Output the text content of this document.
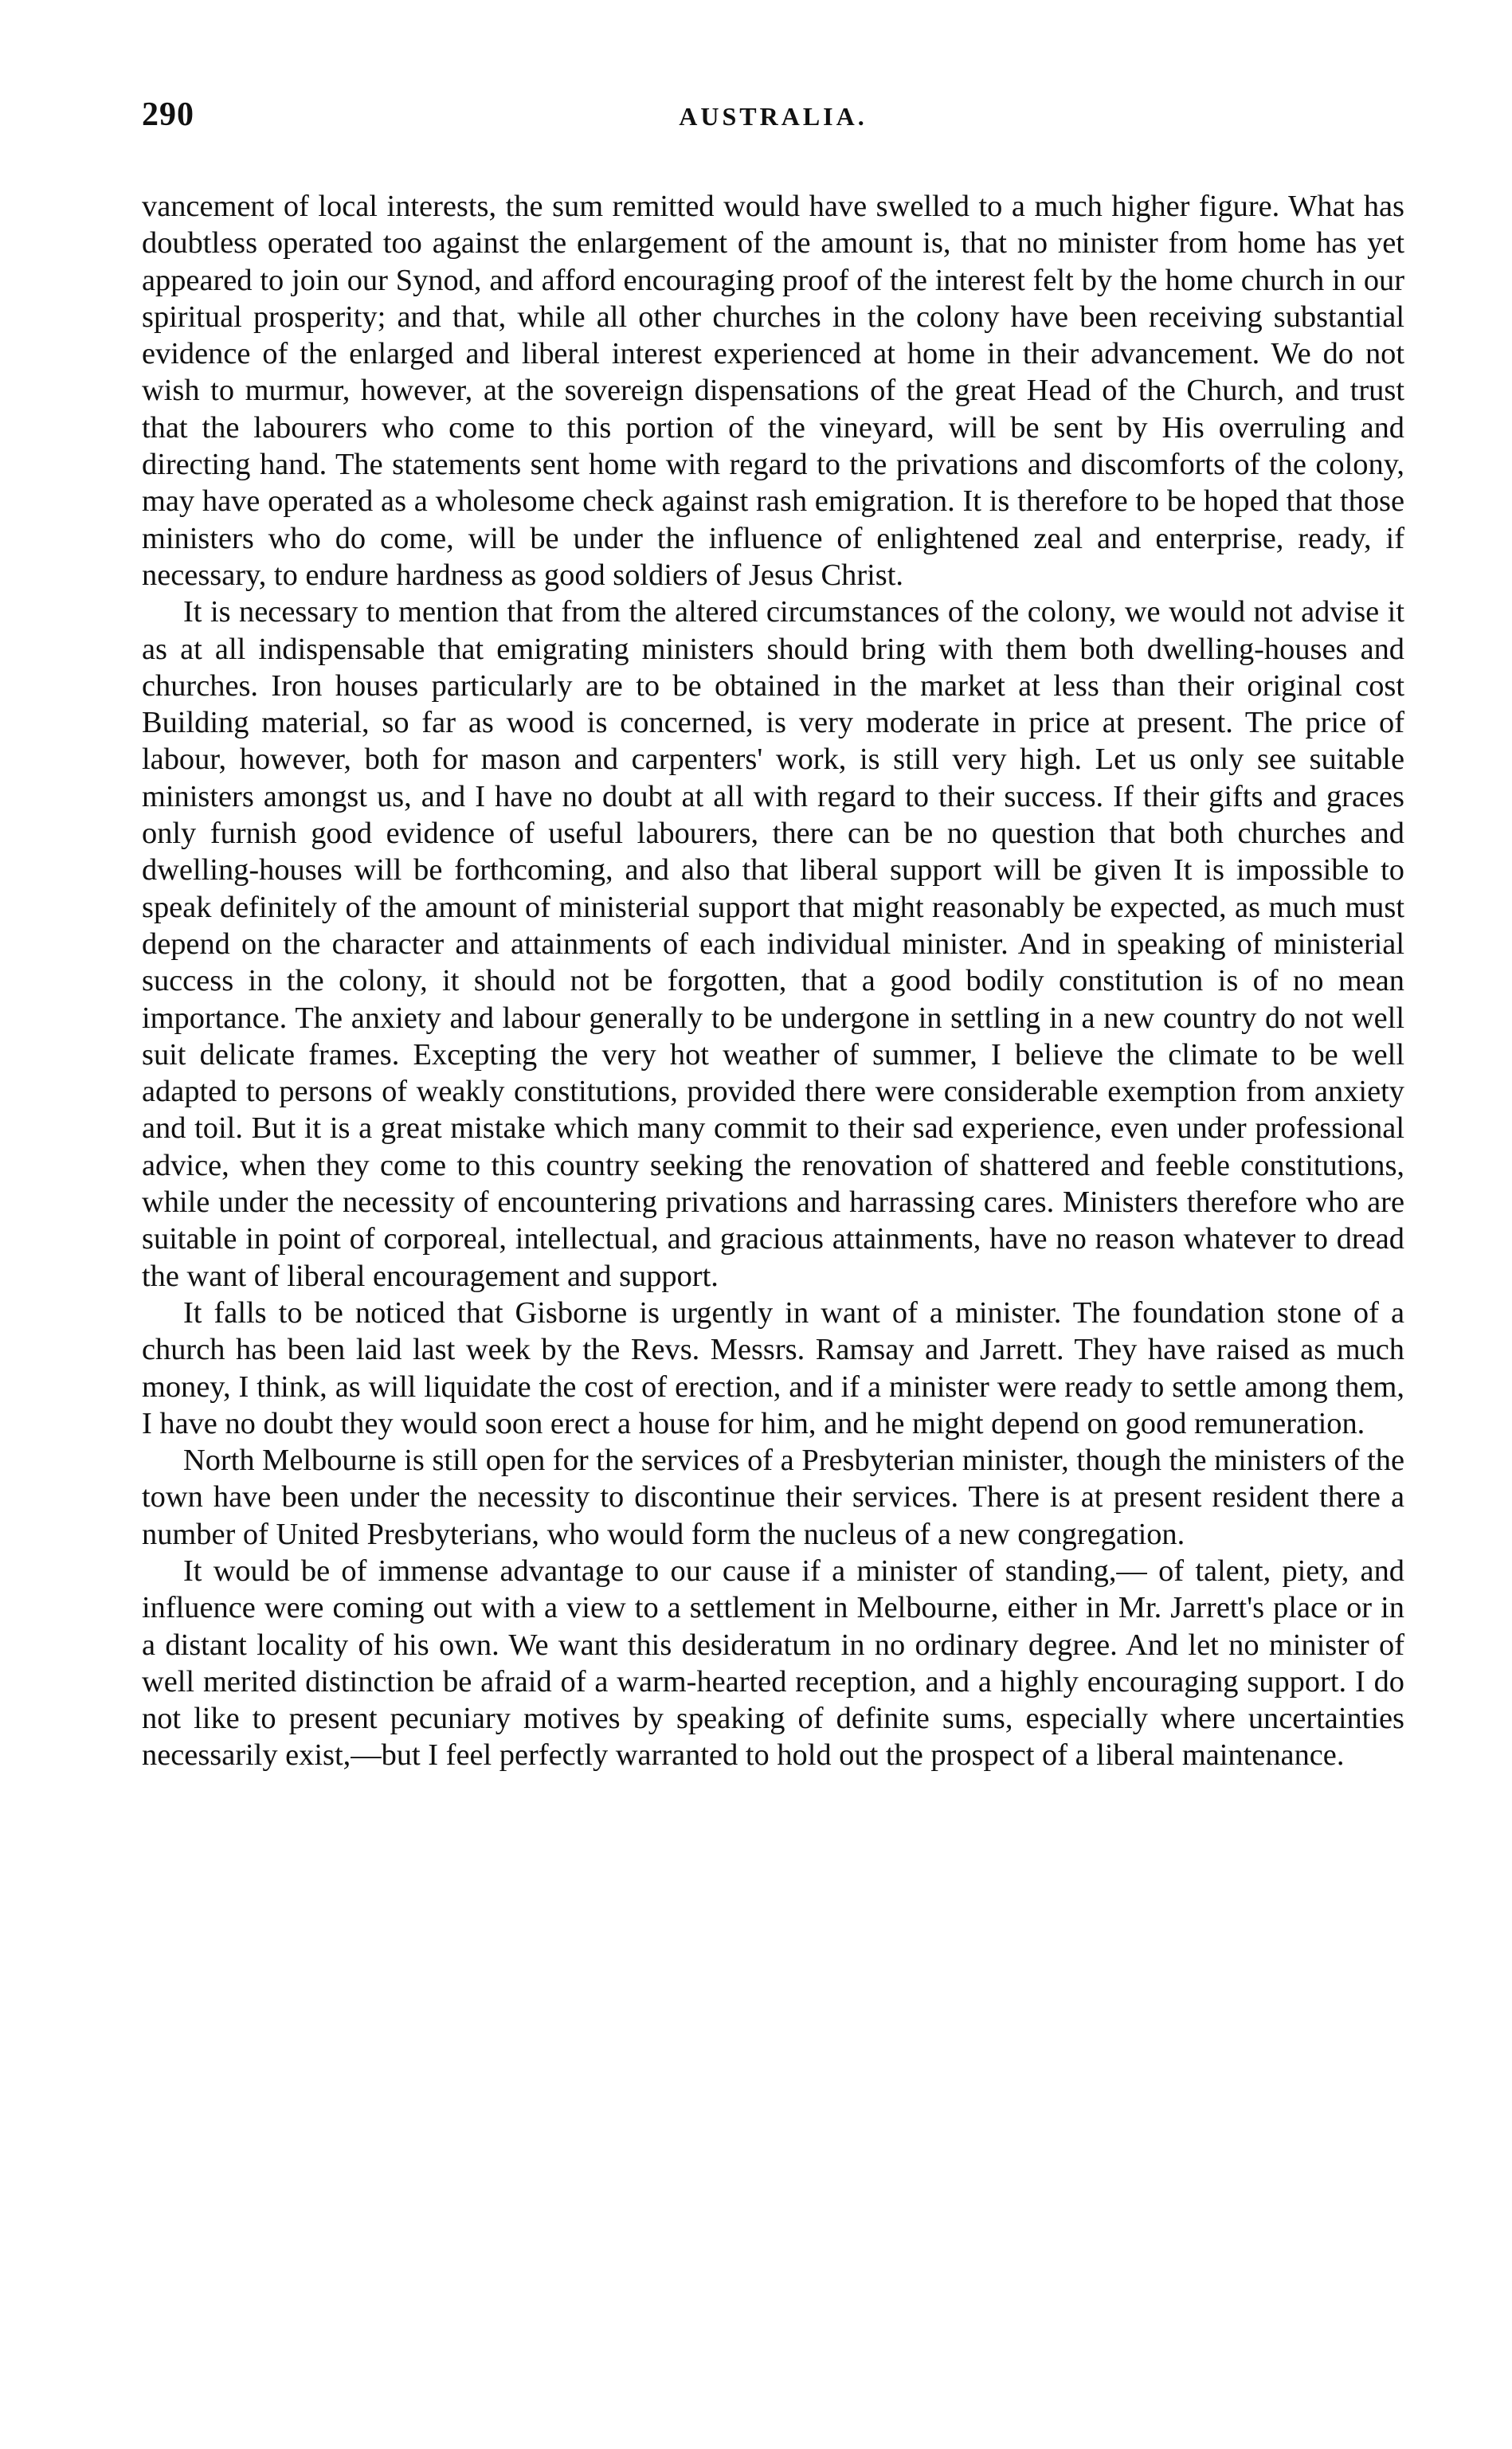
290	AUSTRALIA.

vancement of local interests, the sum remitted would have swelled to a much higher figure. What has doubtless operated too against the enlargement of the amount is, that no minister from home has yet appeared to join our Synod, and afford encouraging proof of the interest felt by the home church in our spiritual prosperity; and that, while all other churches in the colony have been receiving substantial evidence of the enlarged and liberal interest experienced at home in their advancement. We do not wish to murmur, however, at the sovereign dispensations of the great Head of the Church, and trust that the labourers who come to this portion of the vineyard, will be sent by His overruling and directing hand. The statements sent home with regard to the privations and discomforts of the colony, may have operated as a wholesome check against rash emigration. It is therefore to be hoped that those ministers who do come, will be under the influence of enlightened zeal and enterprise, ready, if necessary, to endure hardness as good soldiers of Jesus Christ.

It is necessary to mention that from the altered circumstances of the colony, we would not advise it as at all indispensable that emigrating ministers should bring with them both dwelling-houses and churches. Iron houses particularly are to be obtained in the market at less than their original cost Building material, so far as wood is concerned, is very moderate in price at present. The price of labour, however, both for mason and carpenters' work, is still very high. Let us only see suitable ministers amongst us, and I have no doubt at all with regard to their success. If their gifts and graces only furnish good evidence of useful labourers, there can be no question that both churches and dwelling-houses will be forthcoming, and also that liberal support will be given It is impossible to speak definitely of the amount of ministerial support that might reasonably be expected, as much must depend on the character and attainments of each individual minister. And in speaking of ministerial success in the colony, it should not be forgotten, that a good bodily constitution is of no mean importance. The anxiety and labour generally to be undergone in settling in a new country do not well suit delicate frames. Excepting the very hot weather of summer, I believe the climate to be well adapted to persons of weakly constitutions, provided there were considerable exemption from anxiety and toil. But it is a great mistake which many commit to their sad experience, even under professional advice, when they come to this country seeking the renovation of shattered and feeble constitutions, while under the necessity of encountering privations and harrassing cares. Ministers therefore who are suitable in point of corporeal, intellectual, and gracious attainments, have no reason whatever to dread the want of liberal encouragement and support.

It falls to be noticed that Gisborne is urgently in want of a minister. The foundation stone of a church has been laid last week by the Revs. Messrs. Ramsay and Jarrett. They have raised as much money, I think, as will liquidate the cost of erection, and if a minister were ready to settle among them, I have no doubt they would soon erect a house for him, and he might depend on good remuneration.

North Melbourne is still open for the services of a Presbyterian minister, though the ministers of the town have been under the necessity to discontinue their services. There is at present resident there a number of United Presbyterians, who would form the nucleus of a new congregation.

It would be of immense advantage to our cause if a minister of standing,— of talent, piety, and influence were coming out with a view to a settlement in Melbourne, either in Mr. Jarrett's place or in a distant locality of his own. We want this desideratum in no ordinary degree. And let no minister of well merited distinction be afraid of a warm-hearted reception, and a highly encouraging support. I do not like to present pecuniary motives by speaking of definite sums, especially where uncertainties necessarily exist,—but I feel perfectly warranted to hold out the prospect of a liberal maintenance.
